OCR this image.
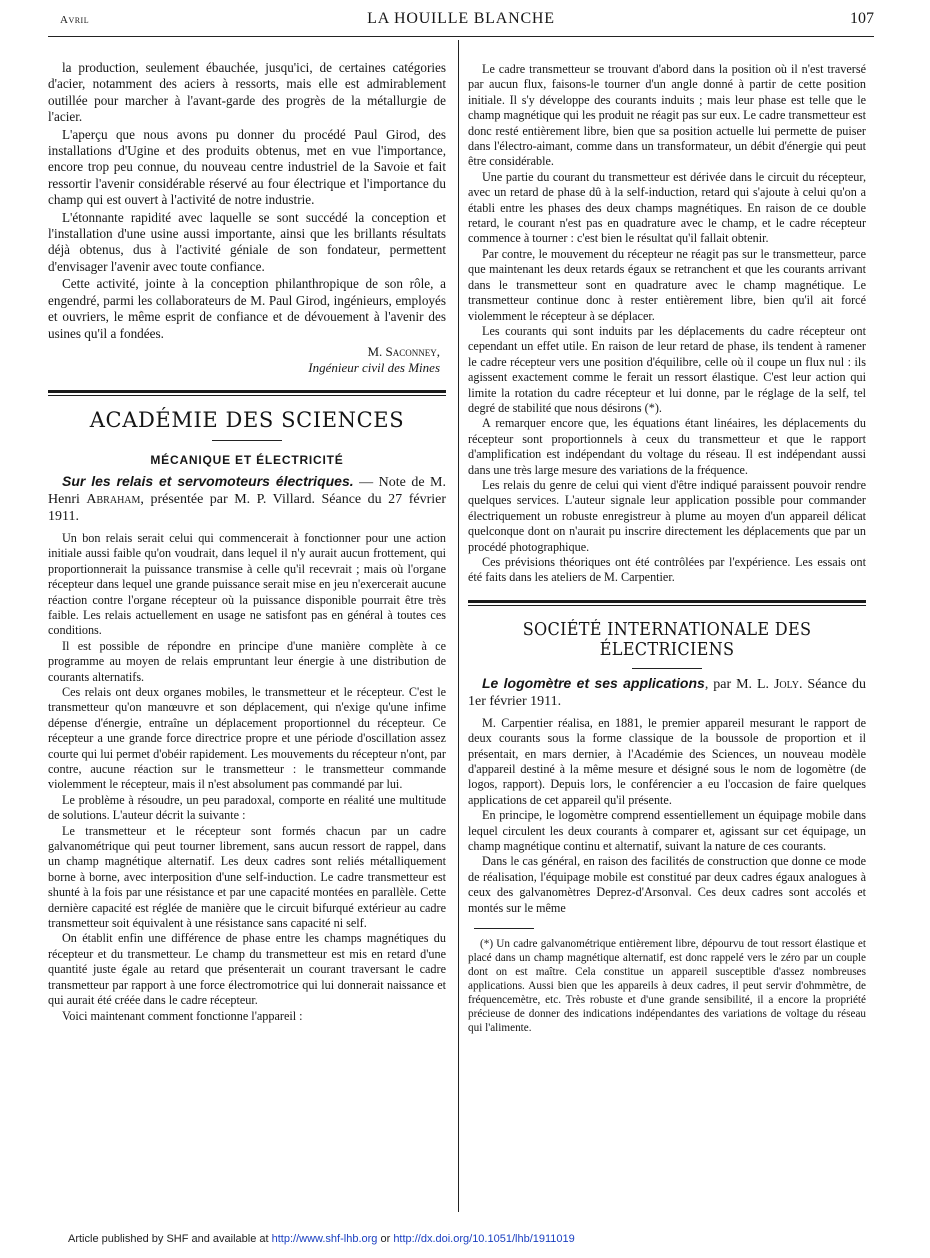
Avril	LA HOUILLE BLANCHE	107

la production, seulement ébauchée, jusqu'ici, de certaines catégories d'acier, notamment des aciers à ressorts, mais elle est admirablement outillée pour marcher à l'avant-garde des progrès de la métallurgie de l'acier.

L'aperçu que nous avons pu donner du procédé Paul Girod, des installations d'Ugine et des produits obtenus, met en vue l'importance, encore trop peu connue, du nouveau centre industriel de la Savoie et fait ressortir l'avenir considérable réservé au four électrique et l'importance du champ qui est ouvert à l'activité de notre industrie.

L'étonnante rapidité avec laquelle se sont succédé la conception et l'installation d'une usine aussi importante, ainsi que les brillants résultats déjà obtenus, dus à l'activité géniale de son fondateur, permettent d'envisager l'avenir avec toute confiance.

Cette activité, jointe à la conception philanthropique de son rôle, a engendré, parmi les collaborateurs de M. Paul Girod, ingénieurs, employés et ouvriers, le même esprit de confiance et de dévouement à l'avenir des usines qu'il a fondées.

M. Saconney,
Ingénieur civil des Mines
ACADÉMIE DES SCIENCES
MÉCANIQUE ET ÉLECTRICITÉ

Sur les relais et servomoteurs électriques. — Note de M. Henri Abraham, présentée par M. P. Villard. Séance du 27 février 1911.

Un bon relais serait celui qui commencerait à fonctionner pour une action initiale aussi faible qu'on voudrait, dans lequel il n'y aurait aucun frottement, qui proportionnerait la puissance transmise à celle qu'il recevrait ; mais où l'organe récepteur dans lequel une grande puissance serait mise en jeu n'exercerait aucune réaction contre l'organe récepteur où la puissance disponible pourrait être très faible. Les relais actuellement en usage ne satisfont pas en général à toutes ces conditions.

Il est possible de répondre en principe d'une manière complète à ce programme au moyen de relais empruntant leur énergie à une distribution de courants alternatifs.

Ces relais ont deux organes mobiles, le transmetteur et le récepteur. C'est le transmetteur qu'on manœuvre et son déplacement, qui n'exige qu'une infime dépense d'énergie, entraîne un déplacement proportionnel du récepteur. Ce récepteur a une grande force directrice propre et une période d'oscillation assez courte qui lui permet d'obéir rapidement. Les mouvements du récepteur n'ont, par contre, aucune réaction sur le transmetteur : le transmetteur commande violemment le récepteur, mais il n'est absolument pas commandé par lui.

Le problème à résoudre, un peu paradoxal, comporte en réalité une multitude de solutions. L'auteur décrit la suivante :

Le transmetteur et le récepteur sont formés chacun par un cadre galvanométrique qui peut tourner librement, sans aucun ressort de rappel, dans un champ magnétique alternatif. Les deux cadres sont reliés métalliquement borne à borne, avec interposition d'une self-induction. Le cadre transmetteur est shunté à la fois par une résistance et par une capacité montées en parallèle. Cette dernière capacité est réglée de manière que le circuit bifurqué extérieur au cadre transmetteur soit équivalent à une résistance sans capacité ni self.

On établit enfin une différence de phase entre les champs magnétiques du récepteur et du transmetteur. Le champ du transmetteur est mis en retard d'une quantité juste égale au retard que présenterait un courant traversant le cadre transmetteur par rapport à une force électromotrice qui lui donnerait naissance et qui aurait été créée dans le cadre récepteur.

Voici maintenant comment fonctionne l'appareil :

Le cadre transmetteur se trouvant d'abord dans la position où il n'est traversé par aucun flux, faisons-le tourner d'un angle donné à partir de cette position initiale. Il s'y développe des courants induits ; mais leur phase est telle que le champ magnétique qui les produit ne réagit pas sur eux. Le cadre transmetteur est donc resté entièrement libre, bien que sa position actuelle lui permette de puiser dans l'électro-aimant, comme dans un transformateur, un débit d'énergie qui peut être considérable.

Une partie du courant du transmetteur est dérivée dans le circuit du récepteur, avec un retard de phase dû à la self-induction, retard qui s'ajoute à celui qu'on a établi entre les phases des deux champs magnétiques. En raison de ce double retard, le courant n'est pas en quadrature avec le champ, et le cadre récepteur commence à tourner : c'est bien le résultat qu'il fallait obtenir.

Par contre, le mouvement du récepteur ne réagit pas sur le transmetteur, parce que maintenant les deux retards égaux se retranchent et que les courants arrivant dans le transmetteur sont en quadrature avec le champ magnétique. Le transmetteur continue donc à rester entièrement libre, bien qu'il ait forcé violemment le récepteur à se déplacer.

Les courants qui sont induits par les déplacements du cadre récepteur ont cependant un effet utile. En raison de leur retard de phase, ils tendent à ramener le cadre récepteur vers une position d'équilibre, celle où il coupe un flux nul : ils agissent exactement comme le ferait un ressort élastique. C'est leur action qui limite la rotation du cadre récepteur et lui donne, par le réglage de la self, tel degré de stabilité que nous désirons (*).

A remarquer encore que, les équations étant linéaires, les déplacements du récepteur sont proportionnels à ceux du transmetteur et que le rapport d'amplification est indépendant du voltage du réseau. Il est indépendant aussi dans une très large mesure des variations de la fréquence.

Les relais du genre de celui qui vient d'être indiqué paraissent pouvoir rendre quelques services. L'auteur signale leur application possible pour commander électriquement un robuste enregistreur à plume au moyen d'un appareil délicat quelconque dont on n'aurait pu inscrire directement les déplacements que par un procédé photographique.

Ces prévisions théoriques ont été contrôlées par l'expérience. Les essais ont été faits dans les ateliers de M. Carpentier.

SOCIÉTÉ INTERNATIONALE DES ÉLECTRICIENS

Le logomètre et ses applications, par M. L. Joly. Séance du 1er février 1911.

M. Carpentier réalisa, en 1881, le premier appareil mesurant le rapport de deux courants sous la forme classique de la boussole de proportion et il présentait, en mars dernier, à l'Académie des Sciences, un nouveau modèle d'appareil destiné à la même mesure et désigné sous le nom de logomètre (de logos, rapport). Depuis lors, le conférencier a eu l'occasion de faire quelques applications de cet appareil qu'il présente.

En principe, le logomètre comprend essentiellement un équipage mobile dans lequel circulent les deux courants à comparer et, agissant sur cet équipage, un champ magnétique continu et alternatif, suivant la nature de ces courants.

Dans le cas général, en raison des facilités de construction que donne ce mode de réalisation, l'équipage mobile est constitué par deux cadres égaux analogues à ceux des galvanomètres Deprez-d'Arsonval. Ces deux cadres sont accolés et montés sur le même

(*) Un cadre galvanométrique entièrement libre, dépourvu de tout ressort élastique et placé dans un champ magnétique alternatif, est donc rappelé vers le zéro par un couple dont on est maître. Cela constitue un appareil susceptible d'assez nombreuses applications. Aussi bien que les appareils à deux cadres, il peut servir d'ohmmètre, de fréquencemètre, etc. Très robuste et d'une grande sensibilité, il a encore la propriété précieuse de donner des indications indépendantes des variations de voltage du réseau qui l'alimente.

Article published by SHF and available at http://www.shf-lhb.org or http://dx.doi.org/10.1051/lhb/1911019
